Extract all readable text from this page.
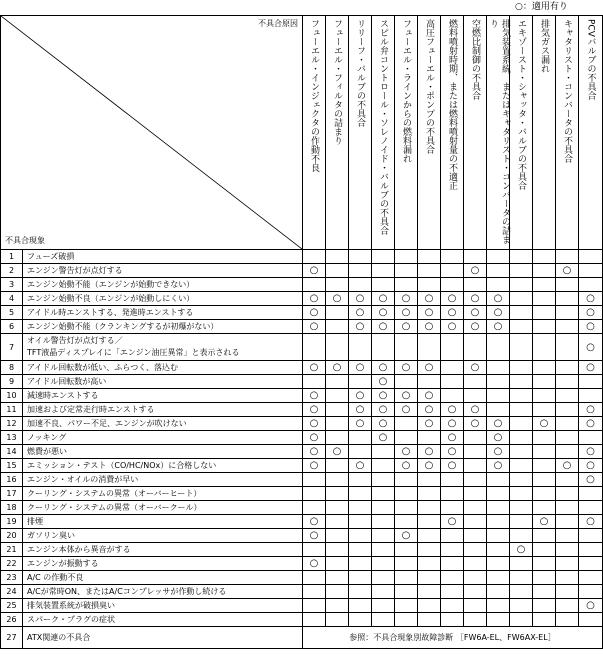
○：適用有り
不具合原因
不具合現象		フューエル・インジェクタの作動不良	フューエル・フィルタの詰まり	リリーフ・バルブの不具合	スピル弁コントロール・ソレノイド・バルブの不具合	フューエル・ラインからの燃料漏れ	高圧フューエル・ポンプの不具合	燃料噴射時期、または燃料噴射量の不適正	空燃比制御の不具合	排気装置系統、またはキャタリスト・コンバータの詰まり	エキゾースト・シャッタ・バルブの不具合	排気ガス漏れ	キャタリスト・コンバータの不具合	PCVバルブの不具合

1	フューズ破損													

2	エンジン警告灯が点灯する	○							○				○	
3	エンジン始動不能（エンジンが始動できない）													

4	エンジン始動不良（エンジンが始動しにくい）	○	○	○	○	○	○	○	○	○				○
5	アイドル時エンストする、発進時エンストする	○		○	○	○	○	○	○	○				○
6	エンジン始動不能（クランキングするが初爆がない）	○		○	○	○	○	○	○	○				○
7	オイル警告灯が点灯する／
TFT液晶ディスプレイに「エンジン油圧異常」と表示される													○
8	アイドル回転数が低い、ふらつく、落込む	○	○	○	○	○	○		○					○
9	アイドル回転数が高い				○									
10	減速時エンストする	○		○	○	○	○							
11	加速および定常走行時エンストする	○		○	○	○	○	○	○					○
12	加速不良、パワー不足、エンジンが吹けない	○		○	○		○	○	○	○		○		○
13	ノッキング	○			○			○		○				
14	燃費が悪い	○	○			○	○	○		○				○
15	エミッション・テスト（CO/HC/NOx）に合格しない	○		○		○	○	○		○			○	○
16	エンジン・オイルの消費が早い													○
17	クーリング・システムの異常（オーバーヒート）													

18	クーリング・システムの異常（オーバークール）													

19	排煙	○						○				○		○
20	ガソリン臭い	○				○								
21	エンジン本体から異音がする										○			
22	エンジンが振動する	○												
23	A/C の作動不良													

24	A/Cが常時ON、またはA/Cコンプレッサが作動し続ける													

25	排気装置系統が破損臭い													○
26	スパーク・プラグの症状													

27	ATX関連の不具合	参照：不具合現象別故障診断 ［FW6A-EL、FW6AX-EL］												
